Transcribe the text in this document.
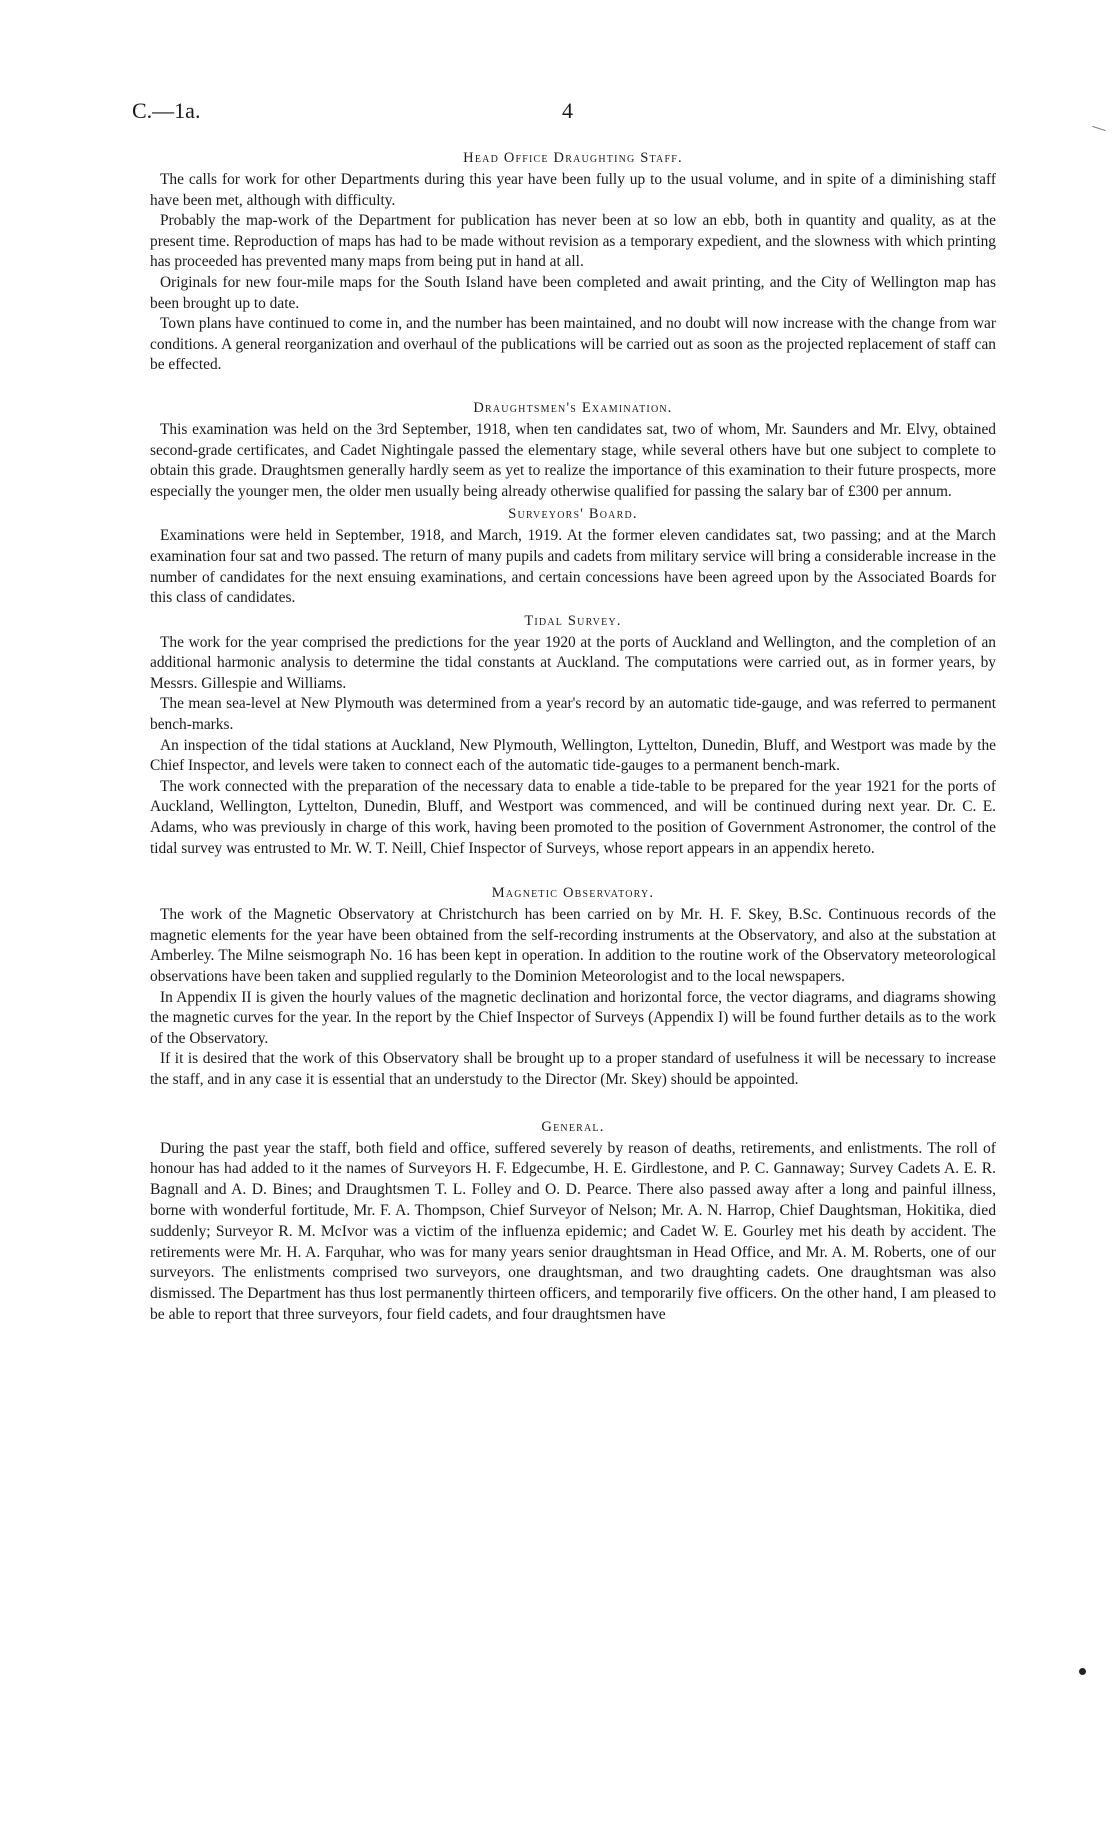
C.—1a.	4
Head Office Draughting Staff.

The calls for work for other Departments during this year have been fully up to the usual volume, and in spite of a diminishing staff have been met, although with difficulty.

Probably the map-work of the Department for publication has never been at so low an ebb, both in quantity and quality, as at the present time. Reproduction of maps has had to be made without revision as a temporary expedient, and the slowness with which printing has proceeded has prevented many maps from being put in hand at all.

Originals for new four-mile maps for the South Island have been completed and await printing, and the City of Wellington map has been brought up to date.

Town plans have continued to come in, and the number has been maintained, and no doubt will now increase with the change from war conditions. A general reorganization and overhaul of the publications will be carried out as soon as the projected replacement of staff can be effected.

Draughtsmen's Examination.

This examination was held on the 3rd September, 1918, when ten candidates sat, two of whom, Mr. Saunders and Mr. Elvy, obtained second-grade certificates, and Cadet Nightingale passed the elementary stage, while several others have but one subject to complete to obtain this grade. Draughtsmen generally hardly seem as yet to realize the importance of this examination to their future prospects, more especially the younger men, the older men usually being already otherwise qualified for passing the salary bar of £300 per annum.

Surveyors' Board.

Examinations were held in September, 1918, and March, 1919. At the former eleven candidates sat, two passing; and at the March examination four sat and two passed. The return of many pupils and cadets from military service will bring a considerable increase in the number of candidates for the next ensuing examinations, and certain concessions have been agreed upon by the Associated Boards for this class of candidates.

Tidal Survey.

The work for the year comprised the predictions for the year 1920 at the ports of Auckland and Wellington, and the completion of an additional harmonic analysis to determine the tidal constants at Auckland. The computations were carried out, as in former years, by Messrs. Gillespie and Williams.

The mean sea-level at New Plymouth was determined from a year's record by an automatic tide-gauge, and was referred to permanent bench-marks.

An inspection of the tidal stations at Auckland, New Plymouth, Wellington, Lyttelton, Dunedin, Bluff, and Westport was made by the Chief Inspector, and levels were taken to connect each of the automatic tide-gauges to a permanent bench-mark.

The work connected with the preparation of the necessary data to enable a tide-table to be prepared for the year 1921 for the ports of Auckland, Wellington, Lyttelton, Dunedin, Bluff, and Westport was commenced, and will be continued during next year. Dr. C. E. Adams, who was previously in charge of this work, having been promoted to the position of Government Astronomer, the control of the tidal survey was entrusted to Mr. W. T. Neill, Chief Inspector of Surveys, whose report appears in an appendix hereto.

Magnetic Observatory.

The work of the Magnetic Observatory at Christchurch has been carried on by Mr. H. F. Skey, B.Sc. Continuous records of the magnetic elements for the year have been obtained from the self-recording instruments at the Observatory, and also at the substation at Amberley. The Milne seismograph No. 16 has been kept in operation. In addition to the routine work of the Observatory meteorological observations have been taken and supplied regularly to the Dominion Meteorologist and to the local newspapers.

In Appendix II is given the hourly values of the magnetic declination and horizontal force, the vector diagrams, and diagrams showing the magnetic curves for the year. In the report by the Chief Inspector of Surveys (Appendix I) will be found further details as to the work of the Observatory.

If it is desired that the work of this Observatory shall be brought up to a proper standard of usefulness it will be necessary to increase the staff, and in any case it is essential that an understudy to the Director (Mr. Skey) should be appointed.

General.

During the past year the staff, both field and office, suffered severely by reason of deaths, retirements, and enlistments. The roll of honour has had added to it the names of Surveyors H. F. Edgecumbe, H. E. Girdlestone, and P. C. Gannaway; Survey Cadets A. E. R. Bagnall and A. D. Bines; and Draughtsmen T. L. Folley and O. D. Pearce. There also passed away after a long and painful illness, borne with wonderful fortitude, Mr. F. A. Thompson, Chief Surveyor of Nelson; Mr. A. N. Harrop, Chief Daughtsman, Hokitika, died suddenly; Surveyor R. M. McIvor was a victim of the influenza epidemic; and Cadet W. E. Gourley met his death by accident. The retirements were Mr. H. A. Farquhar, who was for many years senior draughtsman in Head Office, and Mr. A. M. Roberts, one of our surveyors. The enlistments comprised two surveyors, one draughtsman, and two draughting cadets. One draughtsman was also dismissed. The Department has thus lost permanently thirteen officers, and temporarily five officers. On the other hand, I am pleased to be able to report that three surveyors, four field cadets, and four draughtsmen have
